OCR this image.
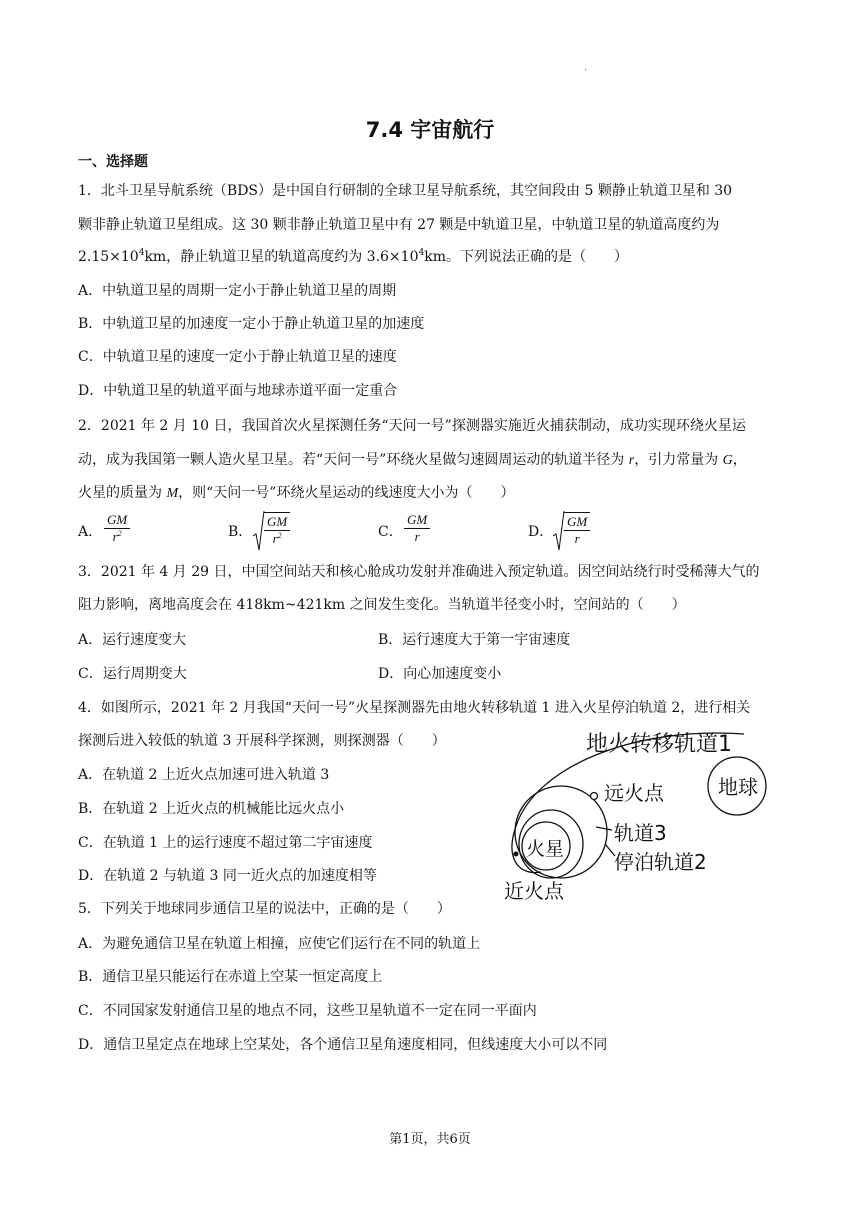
.
7.4 宇宙航行
一、选择题
1．北斗卫星导航系统（BDS）是中国自行研制的全球卫星导航系统，其空间段由 5 颗静止轨道卫星和 30
颗非静止轨道卫星组成。这 30 颗非静止轨道卫星中有 27 颗是中轨道卫星，中轨道卫星的轨道高度约为
$2.15\times 10^4km$，静止轨道卫星的轨道高度约为 $3.6\times 10^4km$。下列说法正确的是（　　）
A．中轨道卫星的周期一定小于静止轨道卫星的周期
B．中轨道卫星的加速度一定小于静止轨道卫星的加速度
C．中轨道卫星的速度一定小于静止轨道卫星的速度
D．中轨道卫星的轨道平面与地球赤道平面一定重合
2．2021 年 2 月 10 日，我国首次火星探测任务“天问一号”探测器实施近火捕获制动，成功实现环绕火星运
动，成为我国第一颗人造火星卫星。若“天问一号”环绕火星做匀速圆周运动的轨道半径为 r，引力常量为 G，
火星的质量为 M，则“天问一号”环绕火星运动的线速度大小为（　　）
A． $\frac{GM}{r^2}$	B． $\frac{GM}{r^2}$	C． $\frac{GM}{r}$	D． $\frac{GM}{r}$
3．2021 年 4 月 29 日，中国空间站天和核心舱成功发射并准确进入预定轨道。因空间站绕行时受稀薄大气的
阻力影响，离地高度会在 418km~421km 之间发生变化。当轨道半径变小时，空间站的（　　）
A．运行速度变大	B．运行速度大于第一宇宙速度
C．运行周期变大	D．向心加速度变小
4．如图所示，2021 年 2 月我国“天问一号”火星探测器先由地火转移轨道 1 进入火星停泊轨道 2，进行相关
探测后进入较低的轨道 3 开展科学探测，则探测器（　　）
A．在轨道 2 上近火点加速可进入轨道 3
B．在轨道 2 上近火点的机械能比远火点小
C．在轨道 1 上的运行速度不超过第二宇宙速度
D．在轨道 2 与轨道 3 同一近火点的加速度相等
地火转移轨道1
地球
远火点
轨道3
火星
停泊轨道2
近火点
5．下列关于地球同步通信卫星的说法中，正确的是（　　）
A．为避免通信卫星在轨道上相撞，应使它们运行在不同的轨道上
B．通信卫星只能运行在赤道上空某一恒定高度上
C．不同国家发射通信卫星的地点不同，这些卫星轨道不一定在同一平面内
D．通信卫星定点在地球上空某处，各个通信卫星角速度相同，但线速度大小可以不同
第1页，共6页
